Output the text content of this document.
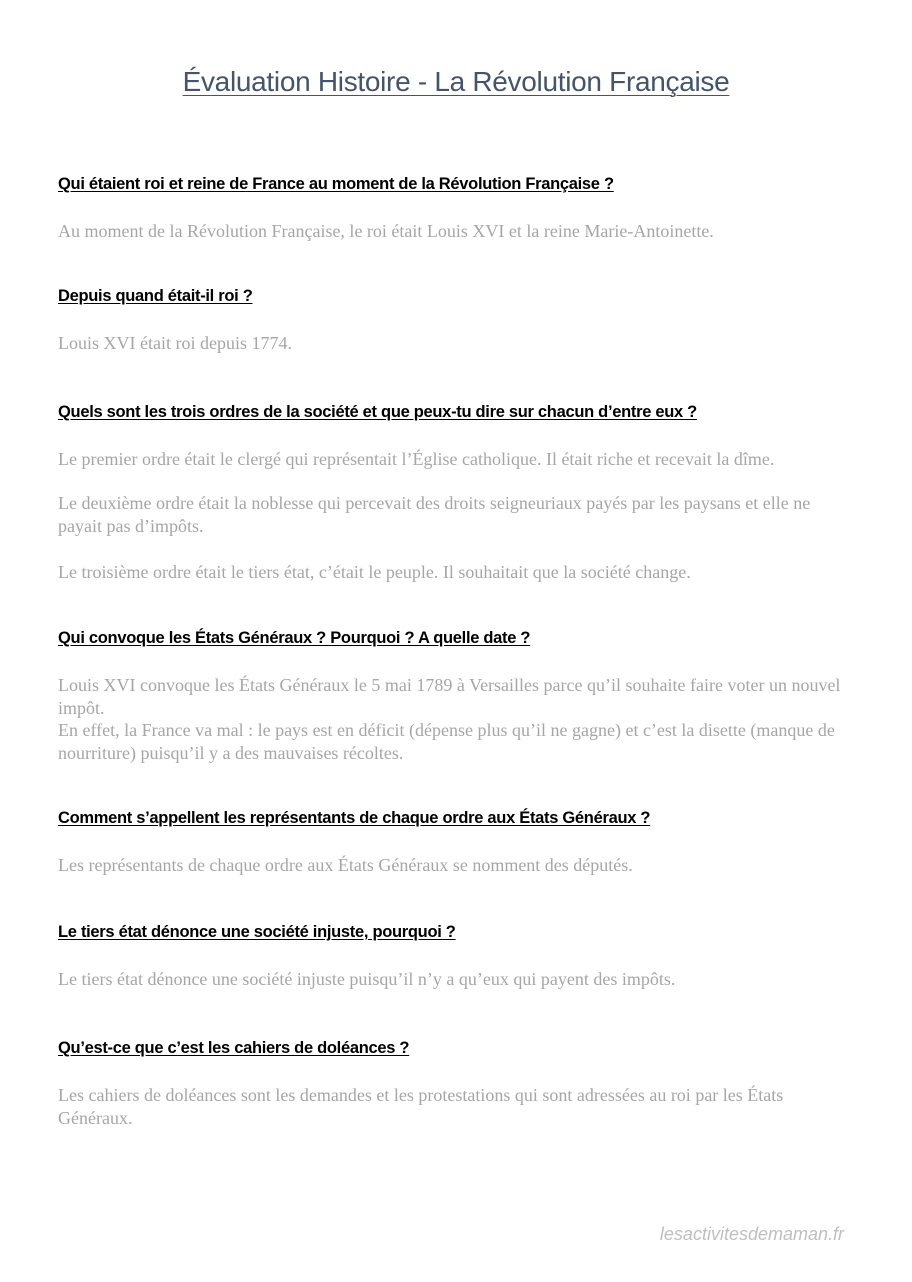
Évaluation Histoire - La Révolution Française
Qui étaient roi et reine de France au moment de la Révolution Française ?

Au moment de la Révolution Française, le roi était Louis XVI et la reine Marie-Antoinette.

Depuis quand était-il roi ?

Louis XVI était roi depuis 1774.

Quels sont les trois ordres de la société et que peux-tu dire sur chacun d’entre eux ?

Le premier ordre était le clergé qui représentait l’Église catholique. Il était riche et recevait la dîme.

Le deuxième ordre était la noblesse qui percevait des droits seigneuriaux payés par les paysans et elle ne payait pas d’impôts.

Le troisième ordre était le tiers état, c’était le peuple. Il souhaitait que la société change.

Qui convoque les États Généraux ? Pourquoi ? A quelle date ?

Louis XVI convoque les États Généraux le 5 mai 1789 à Versailles parce qu’il souhaite faire voter un nouvel impôt.

En effet, la France va mal : le pays est en déficit (dépense plus qu’il ne gagne) et c’est la disette (manque de nourriture) puisqu’il y a des mauvaises récoltes.

Comment s’appellent les représentants de chaque ordre aux États Généraux ?

Les représentants de chaque ordre aux États Généraux se nomment des députés.

Le tiers état dénonce une société injuste, pourquoi ?

Le tiers état dénonce une société injuste puisqu’il n’y a qu’eux qui payent des impôts.

Qu’est-ce que c’est les cahiers de doléances ?

Les cahiers de doléances sont les demandes et les protestations qui sont adressées au roi par les États Généraux.

lesactivitesdemaman.fr
